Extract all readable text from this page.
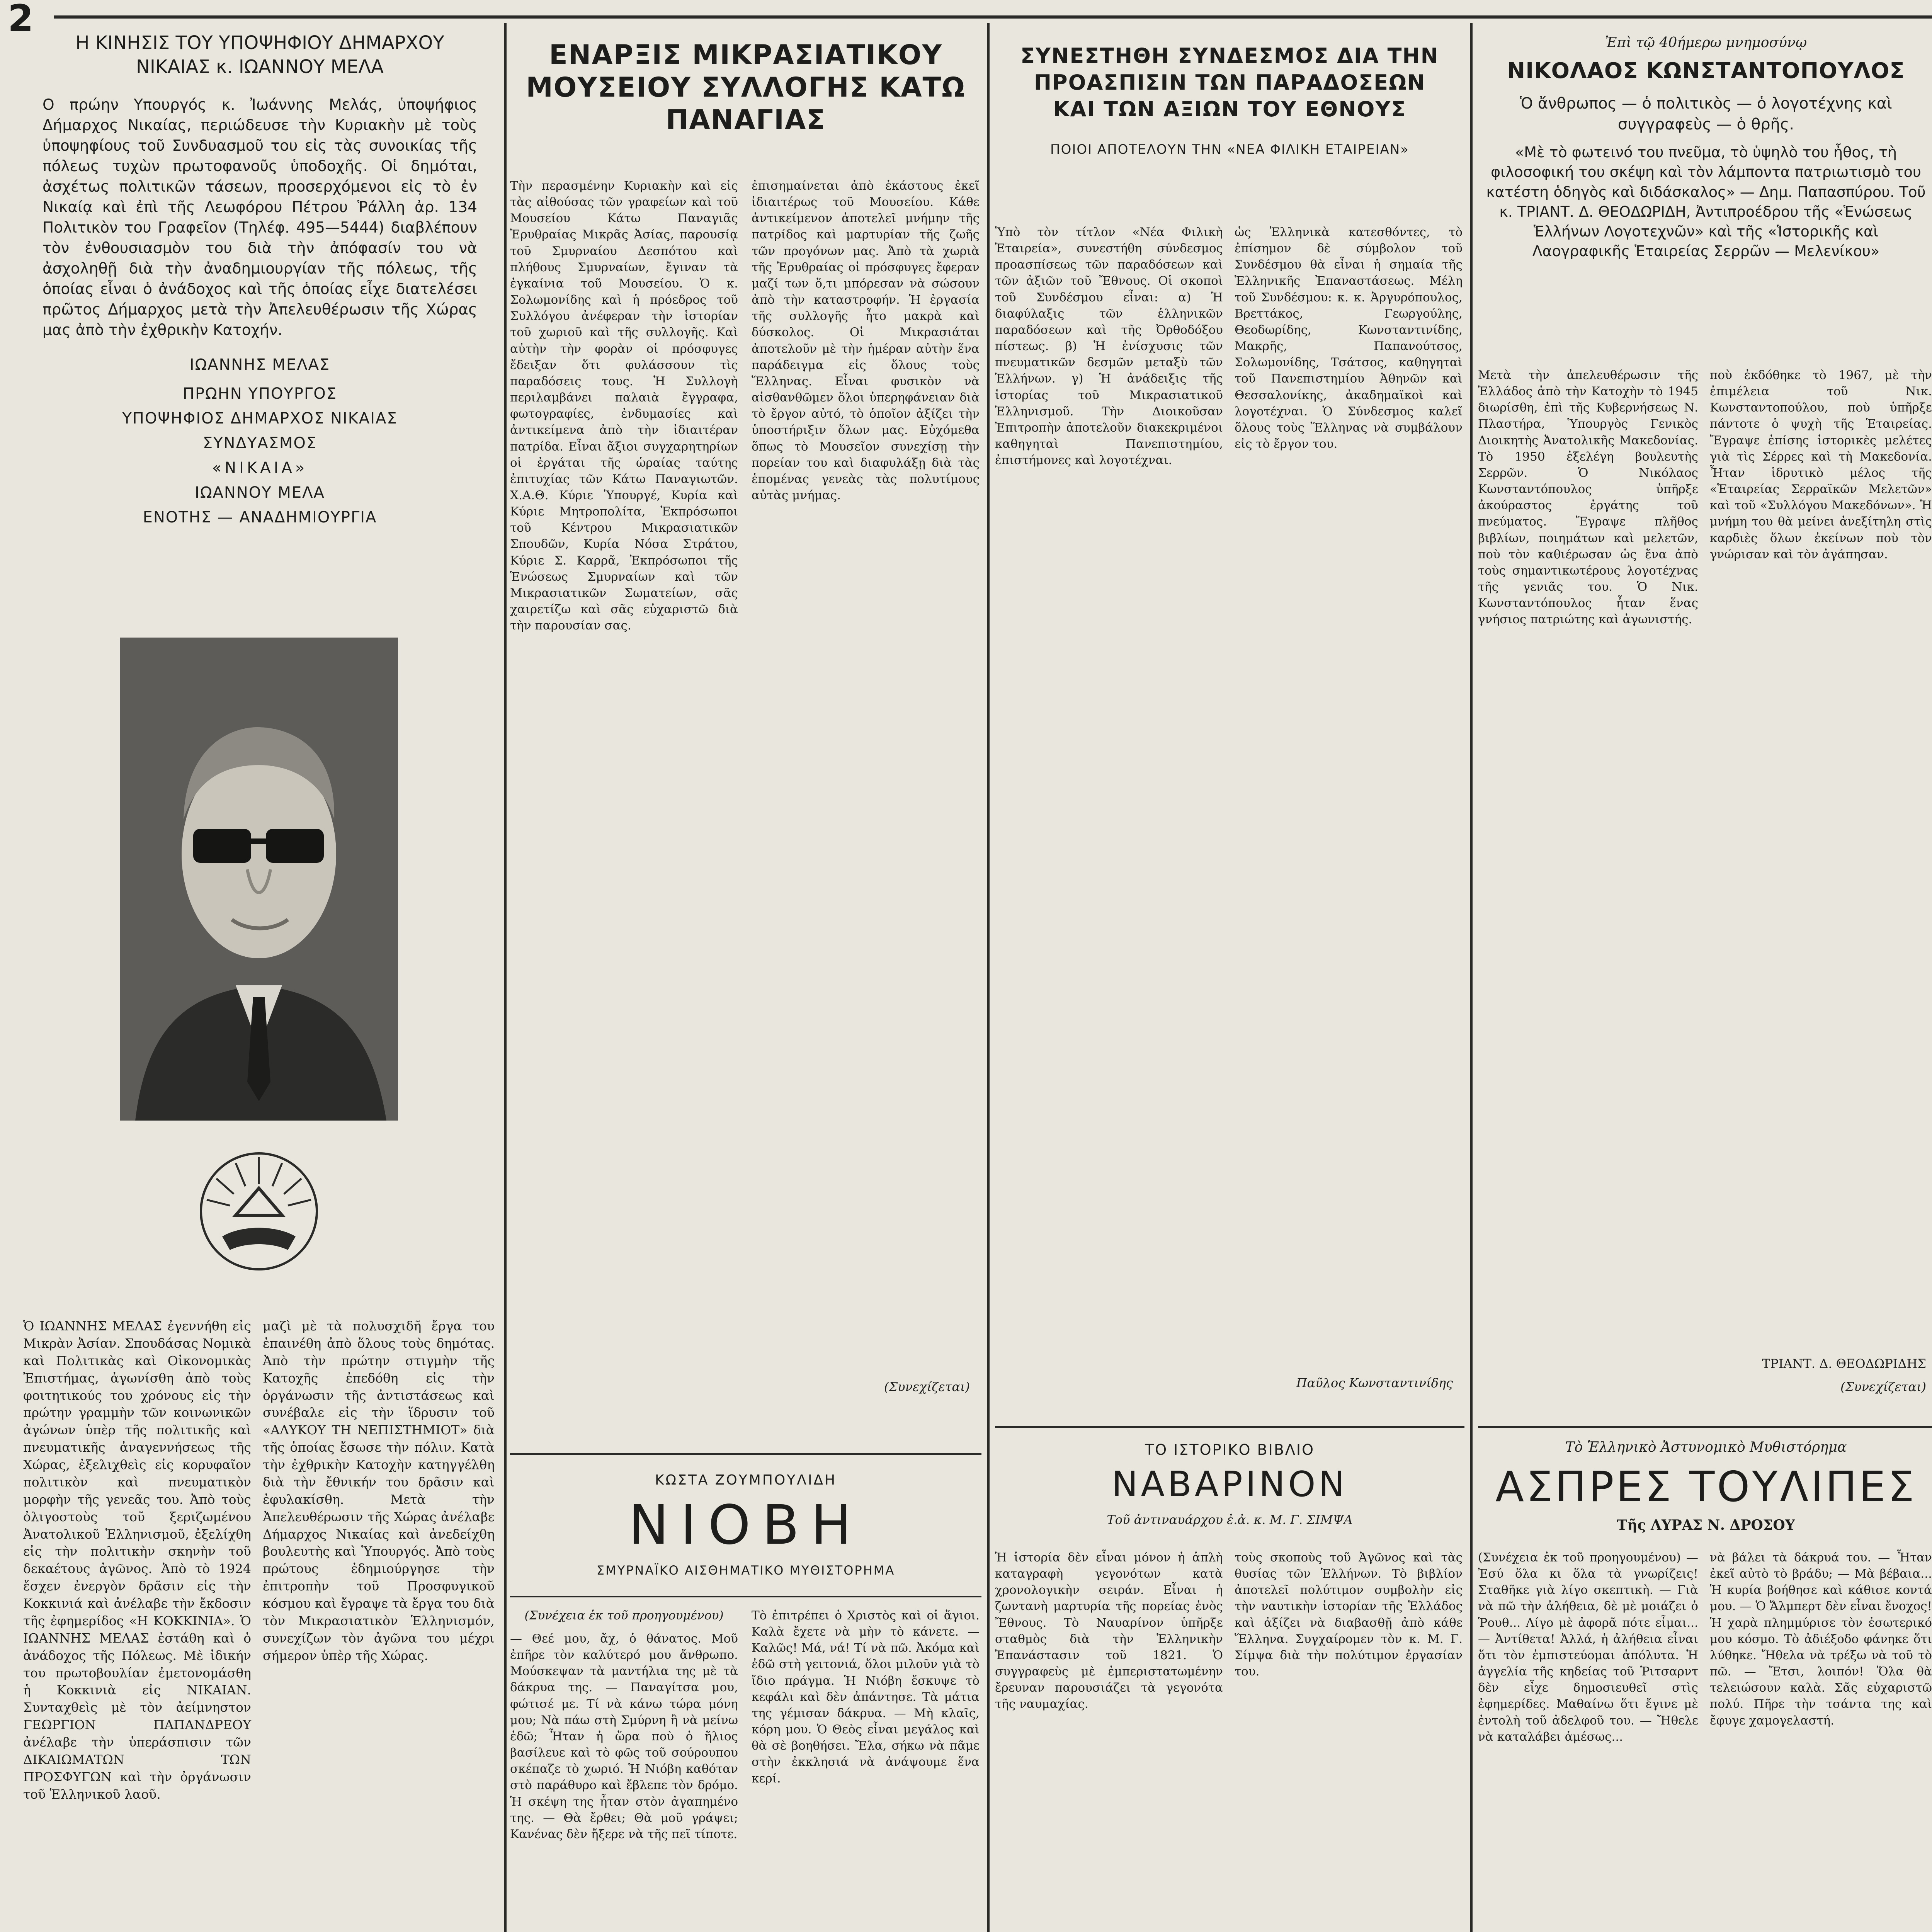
2
Η ΚΙΝΗΣΙΣ ΤΟΥ ΥΠΟΨΗΦΙΟΥ ΔΗΜΑΡΧΟΥ ΝΙΚΑΙΑΣ κ. ΙΩΑΝΝΟΥ ΜΕΛΑ

Ο πρώην Υπουργός κ. Ἰωάννης Μελάς, ὑποψήφιος Δήμαρχος Νικαίας, περιώδευσε τὴν Κυριακὴν μὲ τοὺς ὑποψηφίους τοῦ Συνδυασμοῦ του εἰς τὰς συνοικίας τῆς πόλεως τυχὼν πρωτοφανοῦς ὑποδοχῆς. Οἱ δημόται, ἀσχέτως πολιτικῶν τάσεων, προσερχόμενοι εἰς τὸ ἐν Νικαίᾳ καὶ ἐπὶ τῆς Λεωφόρου Πέτρου Ῥάλλη ἀρ. 134 Πολιτικὸν του Γραφεῖον (Τηλέφ. 495—5444) διαβλέπουν τὸν ἐνθουσιασμὸν του διὰ τὴν ἀπόφασίν του νὰ ἀσχοληθῇ διὰ τὴν ἀναδημιουργίαν τῆς πόλεως, τῆς ὁποίας εἶναι ὁ ἀνάδοχος καὶ τῆς ὁποίας εἶχε διατελέσει πρῶτος Δήμαρχος μετὰ τὴν Ἀπελευθέρωσιν τῆς Χώρας μας ἀπὸ τὴν ἐχθρικὴν Κατοχήν.

ΙΩΑΝΝΗΣ ΜΕΛΑΣ
ΠΡΩΗΝ ΥΠΟΥΡΓΟΣ
ΥΠΟΨΗΦΙΟΣ ΔΗΜΑΡΧΟΣ ΝΙΚΑΙΑΣ
ΣΥΝΔΥΑΣΜΟΣ
«ΝΙΚΑΙΑ»
ΙΩΑΝΝΟΥ ΜΕΛΑ
ΕΝΟΤΗΣ — ΑΝΑΔΗΜΙΟΥΡΓΙΑ

Ὁ ΙΩΑΝΝΗΣ ΜΕΛΑΣ ἐγεννήθη εἰς Μικρὰν Ἀσίαν. Σπουδάσας Νομικὰ καὶ Πολιτικὰς καὶ Οἰκονομικὰς Ἐπιστήμας, ἀγωνίσθη ἀπὸ τοὺς φοιτητικούς του χρόνους εἰς τὴν πρώτην γραμμὴν τῶν κοινωνικῶν ἀγώνων ὑπὲρ τῆς πολιτικῆς καὶ πνευματικῆς ἀναγεννήσεως τῆς Χώρας, ἐξελιχθεὶς εἰς κορυφαῖον πολιτικὸν καὶ πνευματικὸν μορφὴν τῆς γενεᾶς του. Ἀπὸ τοὺς ὀλιγοστοὺς τοῦ ξεριζωμένου Ἀνατολικοῦ Ἑλληνισμοῦ, ἐξελίχθη εἰς τὴν πολιτικὴν σκηνὴν τοῦ δεκαέτους ἀγῶνος. Ἀπὸ τὸ 1924 ἔσχεν ἐνεργὸν δρᾶσιν εἰς τὴν Κοκκινιά καὶ ἀνέλαβε τὴν ἔκδοσιν τῆς ἐφημερίδος «Η ΚΟΚΚΙΝΙΑ». Ὁ ΙΩΑΝΝΗΣ ΜΕΛΑΣ ἐστάθη καὶ ὁ ἀνάδοχος τῆς Πόλεως. Μὲ ἰδικήν του πρωτοβουλίαν ἐμετονομάσθη ἡ Κοκκινιὰ εἰς ΝΙΚΑΙΑΝ. Συνταχθεὶς μὲ τὸν ἀείμνηστον ΓΕΩΡΓΙΟΝ ΠΑΠΑΝΔΡΕΟΥ ἀνέλαβε τὴν ὑπεράσπισιν τῶν ΔΙΚΑΙΩΜΑΤΩΝ ΤΩΝ ΠΡΟΣΦΥΓΩΝ καὶ τὴν ὀργάνωσιν τοῦ Ἑλληνικοῦ λαοῦ.

μαζὶ μὲ τὰ πολυσχιδῆ ἔργα του ἐπαινέθη ἀπὸ ὅλους τοὺς δημότας. Ἀπὸ τὴν πρώτην στιγμὴν τῆς Κατοχῆς ἐπεδόθη εἰς τὴν ὀργάνωσιν τῆς ἀντιστάσεως καὶ συνέβαλε εἰς τὴν ἵδρυσιν τοῦ «ΑΛΥΚΟΥ ΤΗ ΝΕΠΙΣΤΗΜΙΟΤ» διὰ τῆς ὁποίας ἔσωσε τὴν πόλιν. Κατὰ τὴν ἐχθρικὴν Κατοχὴν κατηγγέλθη διὰ τὴν ἔθνικήν του δρᾶσιν καὶ ἐφυλακίσθη. Μετὰ τὴν Ἀπελευθέρωσιν τῆς Χώρας ἀνέλαβε Δήμαρχος Νικαίας καὶ ἀνεδείχθη βουλευτὴς καὶ Ὑπουργός. Ἀπὸ τοὺς πρώτους ἐδημιούργησε τὴν ἐπιτροπὴν τοῦ Προσφυγικοῦ κόσμου καὶ ἔγραψε τὰ ἔργα του διὰ τὸν Μικρασιατικὸν Ἑλληνισμόν, συνεχίζων τὸν ἀγῶνα του μέχρι σήμερον ὑπὲρ τῆς Χώρας.

ΕΝΑΡΞΙΣ ΜΙΚΡΑΣΙΑΤΙΚΟΥ ΜΟΥΣΕΙΟΥ ΣΥΛΛΟΓΗΣ ΚΑΤΩ ΠΑΝΑΓΙΑΣ

Τὴν περασμένην Κυριακὴν καὶ εἰς τὰς αἰθούσας τῶν γραφείων καὶ τοῦ Μουσείου Κάτω Παναγιᾶς Ἐρυθραίας Μικρᾶς Ἀσίας, παρουσίᾳ τοῦ Σμυρναίου Δεσπότου καὶ πλήθους Σμυρναίων, ἔγιναν τὰ ἐγκαίνια τοῦ Μουσείου. Ὁ κ. Σολωμονίδης καὶ ἡ πρόεδρος τοῦ Συλλόγου ἀνέφεραν τὴν ἱστορίαν τοῦ χωριοῦ καὶ τῆς συλλογῆς. Καὶ αὐτὴν τὴν φορὰν οἱ πρόσφυγες ἔδειξαν ὅτι φυλάσσουν τὶς παραδόσεις τους. Ἡ Συλλογὴ περιλαμβάνει παλαιὰ ἔγγραφα, φωτογραφίες, ἐνδυμασίες καὶ ἀντικείμενα ἀπὸ τὴν ἰδιαιτέραν πατρίδα. Εἶναι ἄξιοι συγχαρητηρίων οἱ ἐργάται τῆς ὡραίας ταύτης ἐπιτυχίας τῶν Κάτω Παναγιωτῶν. Χ.Α.Θ. Κύριε Ὑπουργέ, Κυρία καὶ Κύριε Μητροπολίτα, Ἐκπρόσωποι τοῦ Κέντρου Μικρασιατικῶν Σπουδῶν, Κυρία Νόσα Στράτου, Κύριε Σ. Καρρᾶ, Ἐκπρόσωποι τῆς Ἑνώσεως Σμυρναίων καὶ τῶν Μικρασιατικῶν Σωματείων, σᾶς χαιρετίζω καὶ σᾶς εὐχαριστῶ διὰ τὴν παρουσίαν σας.

ἐπισημαίνεται ἀπὸ ἑκάστους ἐκεῖ ἰδιαιτέρως τοῦ Μουσείου. Κάθε ἀντικείμενον ἀποτελεῖ μνήμην τῆς πατρίδος καὶ μαρτυρίαν τῆς ζωῆς τῶν προγόνων μας. Ἀπὸ τὰ χωριὰ τῆς Ἐρυθραίας οἱ πρόσφυγες ἔφεραν μαζί των ὅ,τι μπόρεσαν νὰ σώσουν ἀπὸ τὴν καταστροφήν. Ἡ ἐργασία τῆς συλλογῆς ἦτο μακρὰ καὶ δύσκολος. Οἱ Μικρασιάται ἀποτελοῦν μὲ τὴν ἡμέραν αὐτὴν ἕνα παράδειγμα εἰς ὅλους τοὺς Ἕλληνας. Εἶναι φυσικὸν νὰ αἰσθανθῶμεν ὅλοι ὑπερηφάνειαν διὰ τὸ ἔργον αὐτό, τὸ ὁποῖον ἀξίζει τὴν ὑποστήριξιν ὅλων μας. Εὐχόμεθα ὅπως τὸ Μουσεῖον συνεχίσῃ τὴν πορείαν του καὶ διαφυλάξῃ διὰ τὰς ἑπομένας γενεὰς τὰς πολυτίμους αὐτὰς μνήμας.

(Συνεχίζεται)
ΚΩΣΤΑ ΖΟΥΜΠΟΥΛΙΔΗ
ΝΙΟΒΗ
ΣΜΥΡΝΑΪΚΟ ΑΙΣΘΗΜΑΤΙΚΟ ΜΥΘΙΣΤΟΡΗΜΑ

(Συνέχεια ἐκ τοῦ προηγουμένου)

— Θεέ μου, ἄχ, ὁ θάνατος. Μοῦ ἐπῆρε τὸν καλύτερό μου ἄνθρωπο. Μούσκεψαν τὰ μαντήλια της μὲ τὰ δάκρυα της. — Παναγίτσα μου, φώτισέ με. Τί νὰ κάνω τώρα μόνη μου; Νὰ πάω στὴ Σμύρνη ἢ νὰ μείνω ἐδῶ; Ἦταν ἡ ὥρα ποὺ ὁ ἥλιος βασίλευε καὶ τὸ φῶς τοῦ σούρουπου σκέπαζε τὸ χωριό. Ἡ Νιόβη καθόταν στὸ παράθυρο καὶ ἔβλεπε τὸν δρόμο. Ἡ σκέψη της ἦταν στὸν ἀγαπημένο της. — Θὰ ἔρθει; Θὰ μοῦ γράψει; Κανένας δὲν ἤξερε νὰ τῆς πεῖ τίποτε.

Τὸ ἐπιτρέπει ὁ Χριστὸς καὶ οἱ ἅγιοι. Καλὰ ἔχετε νὰ μὴν τὸ κάνετε. — Καλῶς! Μά, νά! Τί νὰ πῶ. Ἀκόμα καὶ ἐδῶ στὴ γειτονιά, ὅλοι μιλοῦν γιὰ τὸ ἴδιο πράγμα. Ἡ Νιόβη ἔσκυψε τὸ κεφάλι καὶ δὲν ἀπάντησε. Τὰ μάτια της γέμισαν δάκρυα. — Μὴ κλαῖς, κόρη μου. Ὁ Θεὸς εἶναι μεγάλος καὶ θὰ σὲ βοηθήσει. Ἔλα, σήκω νὰ πᾶμε στὴν ἐκκλησιά νὰ ἀνάψουμε ἕνα κερί.

ΣΥΝΕΣΤΗΘΗ ΣΥΝΔΕΣΜΟΣ ΔΙΑ ΤΗΝ ΠΡΟΑΣΠΙΣΙΝ ΤΩΝ ΠΑΡΑΔΟΣΕΩΝ ΚΑΙ ΤΩΝ ΑΞΙΩΝ ΤΟΥ ΕΘΝΟΥΣ
ΠΟΙΟΙ ΑΠΟΤΕΛΟΥΝ ΤΗΝ «ΝΕΑ ΦΙΛΙΚΗ ΕΤΑΙΡΕΙΑΝ»

Ὑπὸ τὸν τίτλον «Νέα Φιλικὴ Ἑταιρεία», συνεστήθη σύνδεσμος προασπίσεως τῶν παραδόσεων καὶ τῶν ἀξιῶν τοῦ Ἔθνους. Οἱ σκοποὶ τοῦ Συνδέσμου εἶναι: α) Ἡ διαφύλαξις τῶν ἑλληνικῶν παραδόσεων καὶ τῆς Ὀρθοδόξου πίστεως. β) Ἡ ἐνίσχυσις τῶν πνευματικῶν δεσμῶν μεταξὺ τῶν Ἑλλήνων. γ) Ἡ ἀνάδειξις τῆς ἱστορίας τοῦ Μικρασιατικοῦ Ἑλληνισμοῦ. Τὴν Διοικοῦσαν Ἐπιτροπὴν ἀποτελοῦν διακεκριμένοι καθηγηταὶ Πανεπιστημίου, ἐπιστήμονες καὶ λογοτέχναι.

ὡς Ἑλληνικὰ κατεσθόντες, τὸ ἐπίσημον δὲ σύμβολον τοῦ Συνδέσμου θὰ εἶναι ἡ σημαία τῆς Ἑλληνικῆς Ἐπαναστάσεως. Μέλη τοῦ Συνδέσμου: κ. κ. Ἀργυρόπουλος, Βρεττάκος, Γεωργούλης, Θεοδωρίδης, Κωνσταντινίδης, Μακρῆς, Παπανούτσος, Σολωμονίδης, Τσάτσος, καθηγηταὶ τοῦ Πανεπιστημίου Ἀθηνῶν καὶ Θεσσαλονίκης, ἀκαδημαϊκοὶ καὶ λογοτέχναι. Ὁ Σύνδεσμος καλεῖ ὅλους τοὺς Ἕλληνας νὰ συμβάλουν εἰς τὸ ἔργον του.

Παῦλος Κωνσταντινίδης
ΤΟ ΙΣΤΟΡΙΚΟ ΒΙΒΛΙΟ
ΝΑΒΑΡΙΝΟΝ
Τοῦ ἀντιναυάρχου ἐ.ἀ. κ. Μ. Γ. ΣΙΜΨΑ

Ἡ ἱστορία δὲν εἶναι μόνον ἡ ἁπλὴ καταγραφὴ γεγονότων κατὰ χρονολογικὴν σειράν. Εἶναι ἡ ζωντανὴ μαρτυρία τῆς πορείας ἑνὸς Ἔθνους. Τὸ Ναυαρίνον ὑπῆρξε σταθμὸς διὰ τὴν Ἑλληνικὴν Ἐπανάστασιν τοῦ 1821. Ὁ συγγραφεὺς μὲ ἐμπεριστατωμένην ἔρευναν παρουσιάζει τὰ γεγονότα τῆς ναυμαχίας.

τοὺς σκοποὺς τοῦ Ἀγῶνος καὶ τὰς θυσίας τῶν Ἑλλήνων. Τὸ βιβλίον ἀποτελεῖ πολύτιμον συμβολὴν εἰς τὴν ναυτικὴν ἱστορίαν τῆς Ἑλλάδος καὶ ἀξίζει νὰ διαβασθῇ ἀπὸ κάθε Ἕλληνα. Συγχαίρομεν τὸν κ. Μ. Γ. Σίμψα διὰ τὴν πολύτιμον ἐργασίαν του.

Ἐπὶ τῷ 40ήμερω μνημοσύνῳ
ΝΙΚΟΛΑΟΣ ΚΩΝΣΤΑΝΤΟΠΟΥΛΟΣ
Ὁ ἄνθρωπος — ὁ πολιτικὸς — ὁ λογοτέχνης καὶ συγγραφεὺς — ὁ θρῆς.
«Μὲ τὸ φωτεινό του πνεῦμα, τὸ ὑψηλὸ του ἦθος, τὴ φιλοσοφική του σκέψη καὶ τὸν λάμποντα πατριωτισμὸ του κατέστη ὁδηγὸς καὶ διδάσκαλος» — Δημ. Παπασπύρου. Τοῦ κ. ΤΡΙΑΝΤ. Δ. ΘΕΟΔΩΡΙΔΗ, Ἀντιπροέδρου τῆς «Ἑνώσεως Ἑλλήνων Λογοτεχνῶν» καὶ τῆς «Ἱστορικῆς καὶ Λαογραφικῆς Ἑταιρείας Σερρῶν — Μελενίκου»

Μετὰ τὴν ἀπελευθέρωσιν τῆς Ἑλλάδος ἀπὸ τὴν Κατοχὴν τὸ 1945 διωρίσθη, ἐπὶ τῆς Κυβερνήσεως Ν. Πλαστήρα, Ὑπουργὸς Γενικὸς Διοικητὴς Ἀνατολικῆς Μακεδονίας. Τὸ 1950 ἐξελέγη βουλευτὴς Σερρῶν. Ὁ Νικόλαος Κωνσταντόπουλος ὑπῆρξε ἀκούραστος ἐργάτης τοῦ πνεύματος. Ἔγραψε πλῆθος βιβλίων, ποιημάτων καὶ μελετῶν, ποὺ τὸν καθιέρωσαν ὡς ἕνα ἀπὸ τοὺς σημαντικωτέρους λογοτέχνας τῆς γενιᾶς του. Ὁ Νικ. Κωνσταντόπουλος ἦταν ἕνας γνήσιος πατριώτης καὶ ἀγωνιστής.

ποὺ ἐκδόθηκε τὸ 1967, μὲ τὴν ἐπιμέλεια τοῦ Νικ. Κωνσταντοπούλου, ποὺ ὑπῆρξε πάντοτε ὁ ψυχὴ τῆς Ἑταιρείας. Ἔγραψε ἐπίσης ἱστορικὲς μελέτες γιὰ τὶς Σέρρες καὶ τὴ Μακεδονία. Ἦταν ἱδρυτικὸ μέλος τῆς «Ἑταιρείας Σερραϊκῶν Μελετῶν» καὶ τοῦ «Συλλόγου Μακεδόνων». Ἡ μνήμη του θὰ μείνει ἀνεξίτηλη στὶς καρδιὲς ὅλων ἐκείνων ποὺ τὸν γνώρισαν καὶ τὸν ἀγάπησαν.

ΤΡΙΑΝΤ. Δ. ΘΕΟΔΩΡΙΔΗΣ
(Συνεχίζεται)
Τὸ Ἑλληνικὸ Ἀστυνομικὸ Μυθιστόρημα
ΑΣΠΡΕΣ ΤΟΥΛΙΠΕΣ
Τῆς ΛΥΡΑΣ Ν. ΔΡΟΣΟΥ

(Συνέχεια ἐκ τοῦ προηγουμένου) — Ἐσύ ὅλα κι ὅλα τὰ γνωρίζεις! Σταθῆκε γιὰ λίγο σκεπτικὴ. — Γιὰ νὰ πῶ τὴν ἀλήθεια, δὲ μὲ μοιάζει ὁ Ῥουθ... Λίγο μὲ ἀφορᾶ πότε εἶμαι... — Ἀντίθετα! Ἀλλά, ἡ ἀλήθεια εἶναι ὅτι τὸν ἐμπιστεύομαι ἀπόλυτα. Ἡ ἀγγελία τῆς κηδείας τοῦ Ῥιτσαρντ δὲν εἶχε δημοσιευθεῖ στὶς ἐφημερίδες. Μαθαίνω ὅτι ἔγινε μὲ ἐντολὴ τοῦ ἀδελφοῦ του. — Ἤθελε νὰ καταλάβει ἀμέσως...

νὰ βάλει τὰ δάκρυά του. — Ἦταν ἐκεῖ αὐτὸ τὸ βράδυ; — Μὰ βέβαια... Ἡ κυρία βοήθησε καὶ κάθισε κοντά μου. — Ὁ Ἄλμπερτ δὲν εἶναι ἔνοχος! Ἡ χαρὰ πλημμύρισε τὸν ἐσωτερικό μου κόσμο. Τὸ ἀδιέξοδο φάνηκε ὅτι λύθηκε. Ἤθελα νὰ τρέξω νὰ τοῦ τὸ πῶ. — Ἔτσι, λοιπόν! Ὅλα θὰ τελειώσουν καλὰ. Σᾶς εὐχαριστῶ πολύ. Πῆρε τὴν τσάντα της καὶ ἔφυγε χαμογελαστή.
